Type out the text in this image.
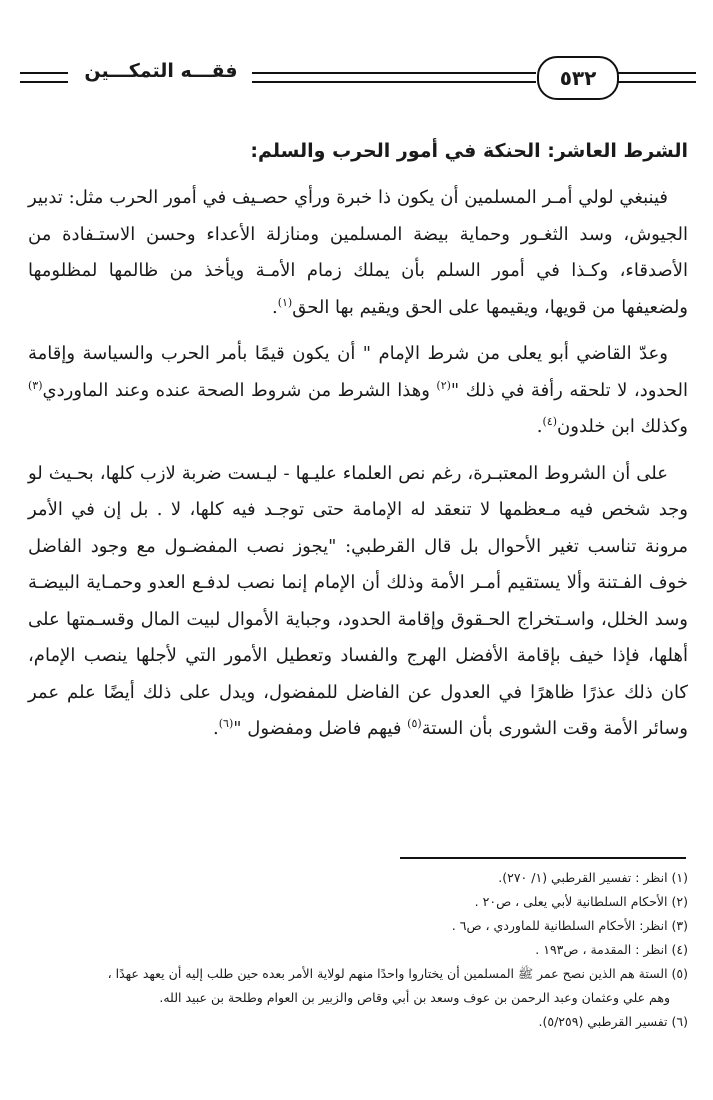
٥٣٢
فقـــه التمكـــين

الشرط العاشر: الحنكة في أمور الحرب والسلم:

فينبغي لولي أمـر المسلمين أن يكون ذا خبرة ورأي حصـيف في أمور الحرب مثل: تدبير الجيوش، وسد الثغـور وحماية بيضة المسلمين ومنازلة الأعداء وحسن الاستـفادة من الأصدقاء، وكـذا في أمور السلم بأن يملك زمام الأمـة ويأخذ من ظالمها لمظلومها ولضعيفها من قويها، ويقيمها على الحق ويقيم بها الحق$^{(١)}$.

وعدّ القاضي أبو يعلى من شرط الإمام " أن يكون قيمًا بأمر الحرب والسياسة وإقامة الحدود، لا تلحقه رأفة في ذلك "$^{(٢)}$ وهذا الشرط من شروط الصحة عنده وعند الماوردي$^{(٣)}$ وكذلك ابن خلدون$^{(٤)}$.

على أن الشروط المعتبـرة، رغم نص العلماء عليـها - ليـست ضربة لازب كلها، بحـيث لو وجد شخص فيه مـعظمها لا تنعقد له الإمامة حتى توجـد فيه كلها، لا . بل إن في الأمر مرونة تناسب تغير الأحوال بل قال القرطبي: "يجوز نصب المفضـول مع وجود الفاضل خوف الفـتنة وألا يستقيم أمـر الأمة وذلك أن الإمام إنما نصب لدفـع العدو وحمـاية البيضـة وسد الخلل، واسـتخراج الحـقوق وإقامة الحدود، وجباية الأموال لبيت المال وقسـمتها على أهلها، فإذا خيف بإقامة الأفضل الهرج والفساد وتعطيل الأمور التي لأجلها ينصب الإمام، كان ذلك عذرًا ظاهرًا في العدول عن الفاضل للمفضول، ويدل على ذلك أيضًا علم عمر وسائر الأمة وقت الشورى بأن الستة$^{(٥)}$ فيهم فاضل ومفضول "$^{(٦)}$.

(١) انظر : تفسير القرطبي (١/ ٢٧٠).

(٢) الأحكام السلطانية لأبي يعلى ، ص٢٠ .

(٣) انظر: الأحكام السلطانية للماوردي ، ص٦ .

(٤) انظر : المقدمة ، ص١٩٣ .

(٥) الستة هم الذين نصح عمر ﷺ المسلمين أن يختاروا واحدًا منهم لولاية الأمر بعده حين طلب إليه أن يعهد عهدًا ،

وهم علي وعثمان وعبد الرحمن بن عوف وسعد بن أبي وقاص والزبير بن العوام وطلحة بن عبيد الله.

(٦) تفسير القرطبي (٥/٢٥٩).
